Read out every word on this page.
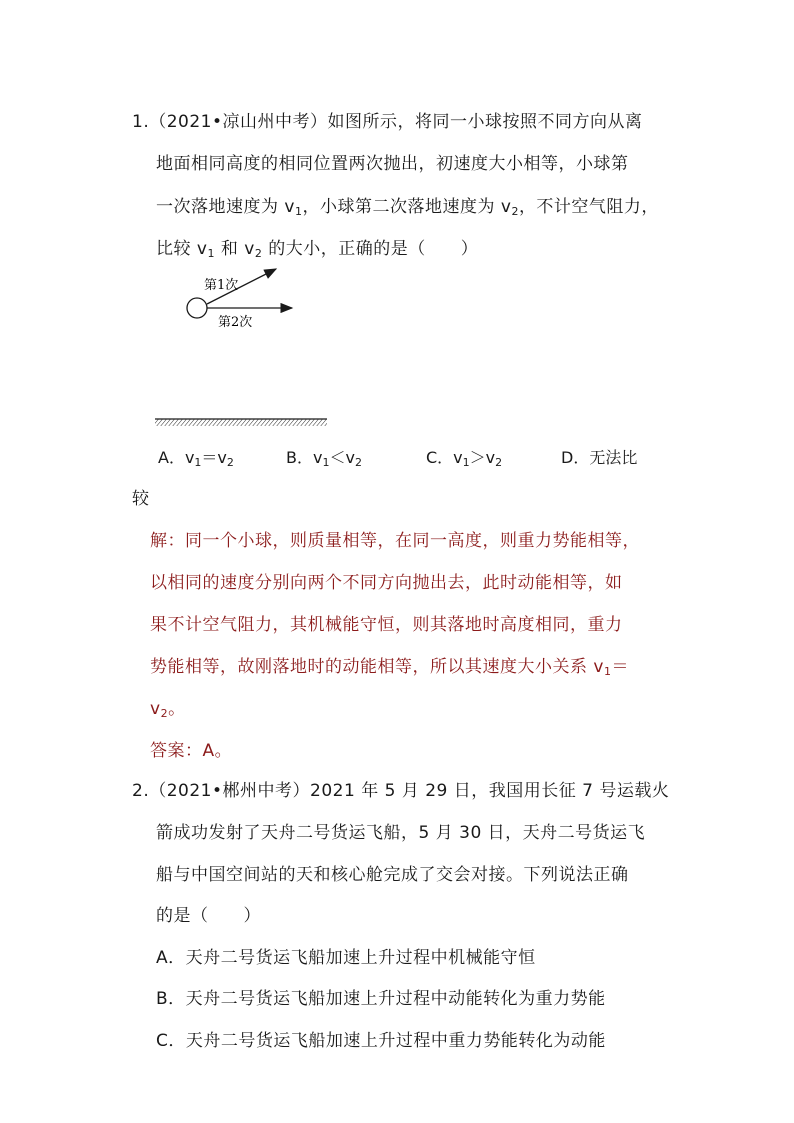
1.（2021•凉山州中考）如图所示，将同一小球按照不同方向从离
地面相同高度的相同位置两次抛出，初速度大小相等，小球第
一次落地速度为 $v_1$，小球第二次落地速度为 $v_2$，不计空气阻力，
比较 $v_1$ 和 $v_2$ 的大小，正确的是（　　）
第1次
第2次
A．$v_1=v_2$	B．$v_1<v_2$	C．$v_1>v_2$	D．无法比
较
解：同一个小球，则质量相等，在同一高度，则重力势能相等，
以相同的速度分别向两个不同方向抛出去，此时动能相等，如
果不计空气阻力，其机械能守恒，则其落地时高度相同，重力
势能相等，故刚落地时的动能相等，所以其速度大小关系 $v_1=$
$v_2$。
答案：A。
2.（2021•郴州中考）2021 年 5 月 29 日，我国用长征 7 号运载火
箭成功发射了天舟二号货运飞船，5 月 30 日，天舟二号货运飞
船与中国空间站的天和核心舱完成了交会对接。下列说法正确
的是（　　）
A．天舟二号货运飞船加速上升过程中机械能守恒
B．天舟二号货运飞船加速上升过程中动能转化为重力势能
C．天舟二号货运飞船加速上升过程中重力势能转化为动能
